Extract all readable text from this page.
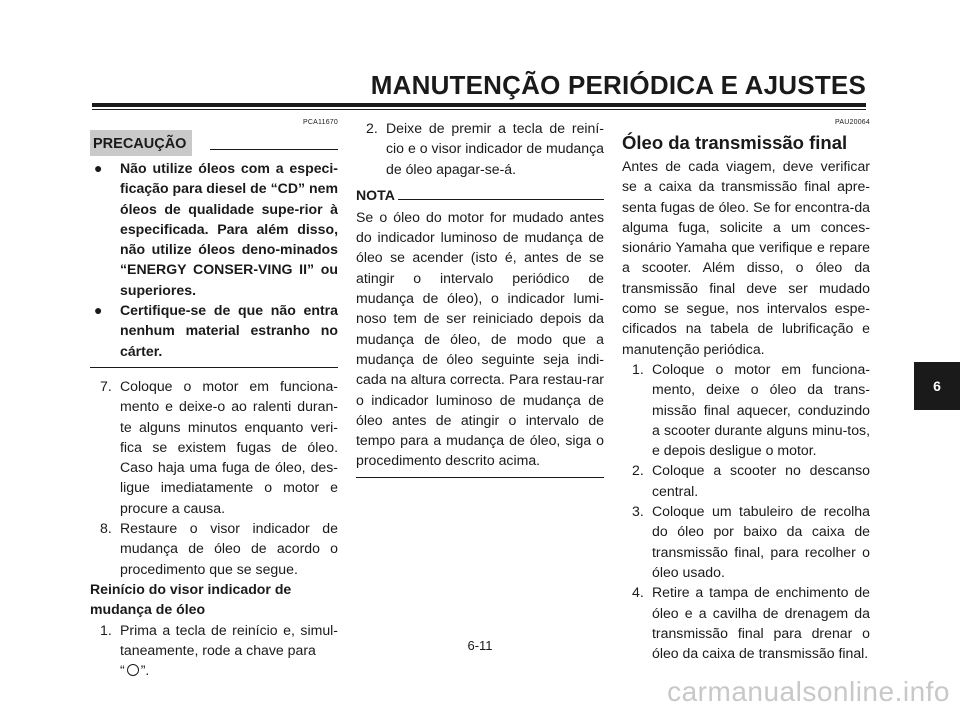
MANUTENÇÃO PERIÓDICA E AJUSTES
PCA11670
PRECAUÇÃO
● Não utilize óleos com a especi-ficação para diesel de “CD” nem óleos de qualidade supe-rior à especificada. Para além disso, não utilize óleos deno-minados “ENERGY CONSER-VING II” ou superiores.
● Certifique-se de que não entra nenhum material estranho no cárter.
7. Coloque o motor em funciona-mento e deixe-o ao ralenti duran-te alguns minutos enquanto veri-fica se existem fugas de óleo. Caso haja uma fuga de óleo, des-ligue imediatamente o motor e procure a causa.
8. Restaure o visor indicador de mudança de óleo de acordo o procedimento que se segue.
Reinício do visor indicador de
mudança de óleo
1. Prima a tecla de reinício e, simul-taneamente, rode a chave para
“ ”.
2. Deixe de premir a tecla de reiní-cio e o visor indicador de mudança de óleo apagar-se-á.
NOTA
Se o óleo do motor for mudado antes do indicador luminoso de mudança de óleo se acender (isto é, antes de se atingir o intervalo periódico de mudança de óleo), o indicador lumi-noso tem de ser reiniciado depois da mudança de óleo, de modo que a mudança de óleo seguinte seja indi-cada na altura correcta. Para restau-rar o indicador luminoso de mudança de óleo antes de atingir o intervalo de tempo para a mudança de óleo, siga o procedimento descrito acima.
PAU20064
Óleo da transmissão final
Antes de cada viagem, deve verificar se a caixa da transmissão final apre-senta fugas de óleo. Se for encontra-da alguma fuga, solicite a um conces-sionário Yamaha que verifique e repare a scooter. Além disso, o óleo da transmissão final deve ser mudado como se segue, nos intervalos espe-cificados na tabela de lubrificação e manutenção periódica.
1. Coloque o motor em funciona-mento, deixe o óleo da trans-missão final aquecer, conduzindo a scooter durante alguns minu-tos, e depois desligue o motor.
2. Coloque a scooter no descanso central.
3. Coloque um tabuleiro de recolha do óleo por baixo da caixa de transmissão final, para recolher o óleo usado.
4. Retire a tampa de enchimento de óleo e a cavilha de drenagem da transmissão final para drenar o óleo da caixa de transmissão final.
6-11
6
carmanualsonline.info
